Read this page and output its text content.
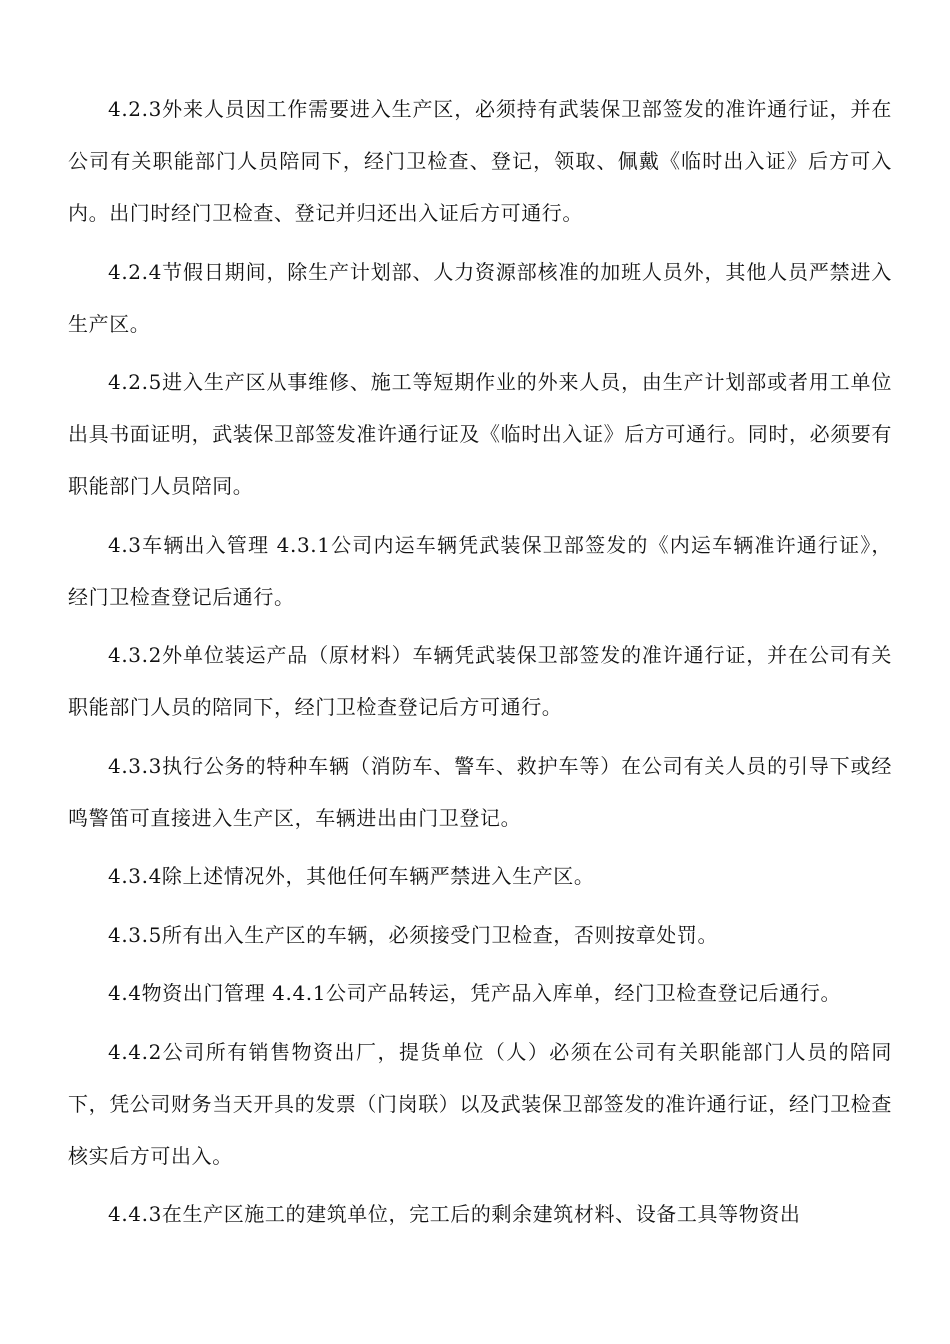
4.2.3外来人员因工作需要进入生产区，必须持有武装保卫部签发的准许通行证，并在公司有关职能部门人员陪同下，经门卫检查、登记，领取、佩戴《临时出入证》后方可入内。出门时经门卫检查、登记并归还出入证后方可通行。

4.2.4节假日期间，除生产计划部、人力资源部核准的加班人员外，其他人员严禁进入生产区。

4.2.5进入生产区从事维修、施工等短期作业的外来人员，由生产计划部或者用工单位出具书面证明，武装保卫部签发准许通行证及《临时出入证》后方可通行。同时，必须要有职能部门人员陪同。

4.3车辆出入管理 4.3.1公司内运车辆凭武装保卫部签发的《内运车辆准许通行证》，经门卫检查登记后通行。

4.3.2外单位装运产品（原材料）车辆凭武装保卫部签发的准许通行证，并在公司有关职能部门人员的陪同下，经门卫检查登记后方可通行。

4.3.3执行公务的特种车辆（消防车、警车、救护车等）在公司有关人员的引导下或经鸣警笛可直接进入生产区，车辆进出由门卫登记。

4.3.4除上述情况外，其他任何车辆严禁进入生产区。

4.3.5所有出入生产区的车辆，必须接受门卫检查，否则按章处罚。

4.4物资出门管理 4.4.1公司产品转运，凭产品入库单，经门卫检查登记后通行。

4.4.2公司所有销售物资出厂，提货单位（人）必须在公司有关职能部门人员的陪同下，凭公司财务当天开具的发票（门岗联）以及武装保卫部签发的准许通行证，经门卫检查核实后方可出入。

4.4.3在生产区施工的建筑单位，完工后的剩余建筑材料、设备工具等物资出
